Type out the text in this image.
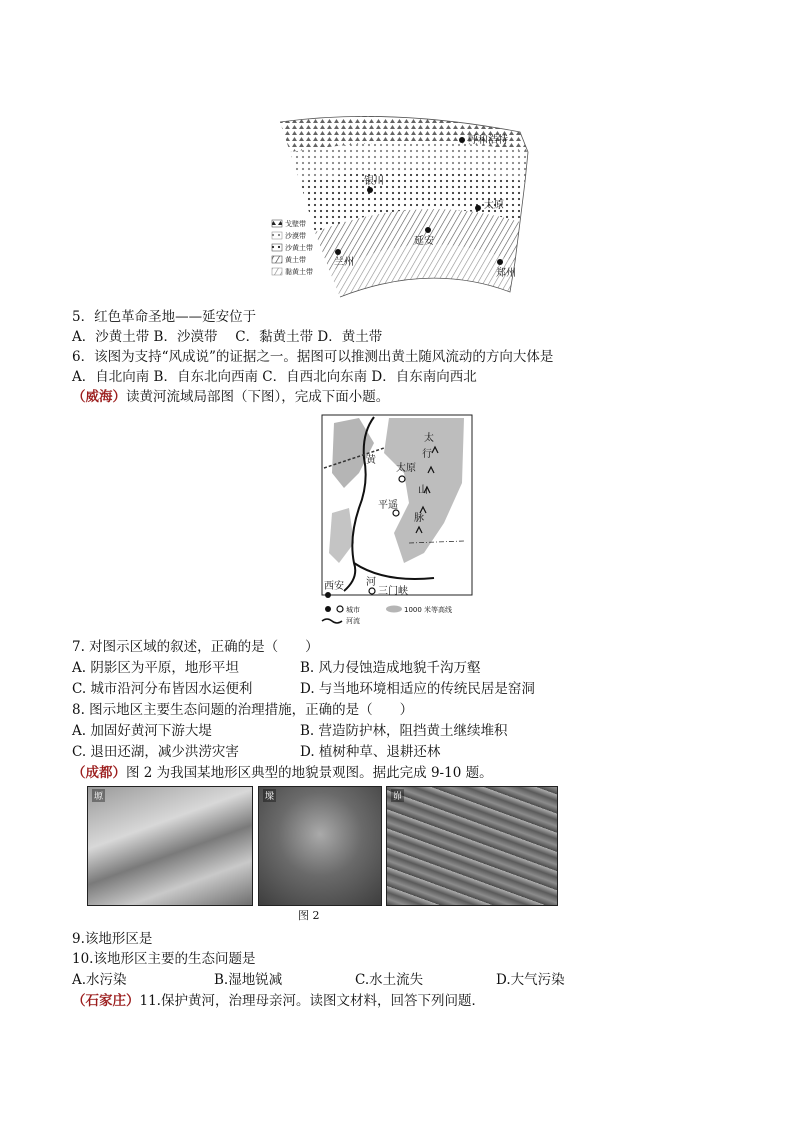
呼和浩特
银川
太原
延安
兰州
郑州
戈壁带
沙漠带
沙黄土带
黄土带
黏黄土带
5．红色革命圣地——延安位于
A．沙黄土带 B．沙漠带　 C．黏黄土带 D．黄土带
6．该图为支持“风成说”的证据之一。据图可以推测出黄土随风流动的方向大体是
A．自北向南 B．自东北向西南 C．自西北向东南 D．自东南向西北
（威海）读黄河流域局部图（下图），完成下面小题。
黄
河
太
行
山
脉
太原
平遥
西安	三门峡
城市	1000 米等高线
河流
7. 对图示区域的叙述，正确的是（　　）
A. 阴影区为平原，地形平坦	B. 风力侵蚀造成地貌千沟万壑
C. 城市沿河分布皆因水运便利	D. 与当地环境相适应的传统民居是窑洞
8. 图示地区主要生态问题的治理措施，正确的是（　　）
A. 加固好黄河下游大堤	B. 营造防护林，阻挡黄土继续堆积
C. 退田还湖，减少洪涝灾害	D. 植树种草、退耕还林
（成都）图 2 为我国某地形区典型的地貌景观图。据此完成 9-10 题。
塬	墚	峁
图 2
9.该地形区是
10.该地形区主要的生态问题是
A.水污染	B.湿地锐减	C.水土流失	D.大气污染
（石家庄）11.保护黄河，治理母亲河。读图文材料，回答下列问题．
